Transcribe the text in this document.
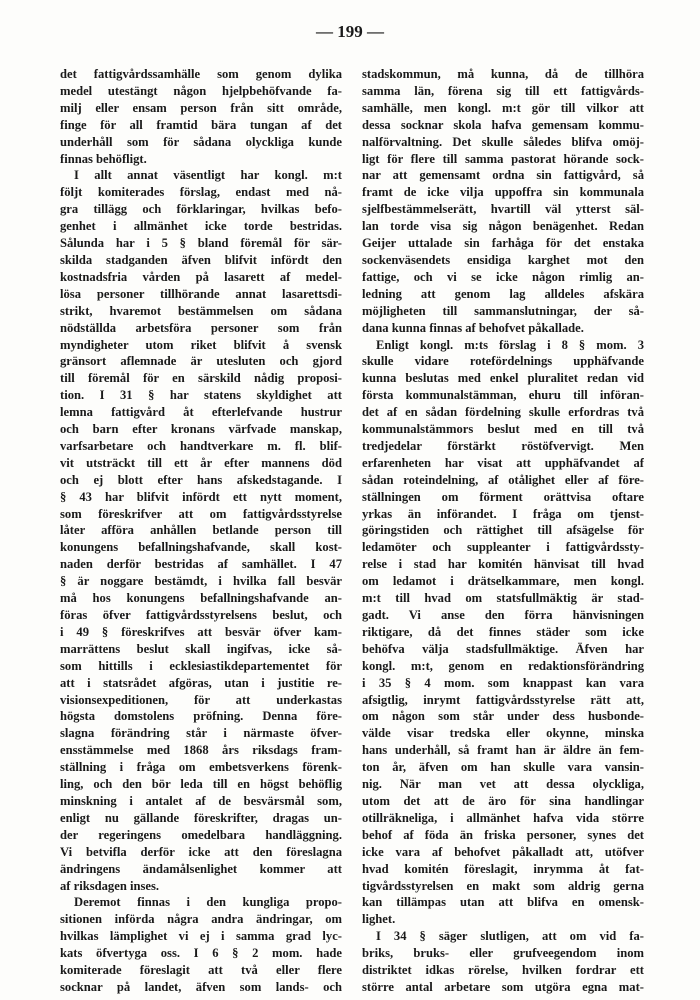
— 199 —
det fattigvårdssamhälle som genom dylika
medel utestängt någon hjelpbehöfvande fa-
milj eller ensam person från sitt område,
finge för all framtid bära tungan af det
underhåll som för sådana olyckliga kunde
finnas behöfligt.
I allt annat väsentligt har kongl. m:t
följt komiterades förslag, endast med nå-
gra tillägg och förklaringar, hvilkas befo-
genhet i allmänhet icke torde bestridas.
Sålunda har i 5 § bland föremål för sär-
skilda stadganden äfven blifvit infördt den
kostnadsfria vården på lasarett af medel-
lösa personer tillhörande annat lasarettsdi-
strikt, hvaremot bestämmelsen om sådana
nödställda arbetsföra personer som från
myndigheter utom riket blifvit å svensk
gränsort aflemnade är utesluten och gjord
till föremål för en särskild nådig proposi-
tion. I 31 § har statens skyldighet att
lemna fattigvård åt efterlefvande hustrur
och barn efter kronans värfvade manskap,
varfsarbetare och handtverkare m. fl. blif-
vit utsträckt till ett år efter mannens död
och ej blott efter hans afskedstagande. I
§ 43 har blifvit infördt ett nytt moment,
som föreskrifver att om fattigvårdsstyrelse
låter afföra anhållen betlande person till
konungens befallningshafvande, skall kost-
naden derför bestridas af samhället. I 47
§ är noggare bestämdt, i hvilka fall besvär
må hos konungens befallningshafvande an-
föras öfver fattigvårdsstyrelsens beslut, och
i 49 § föreskrifves att besvär öfver kam-
marrättens beslut skall ingifvas, icke så-
som hittills i ecklesiastikdepartementet för
att i statsrådet afgöras, utan i justitie re-
visionsexpeditionen, för att underkastas
högsta domstolens pröfning. Denna före-
slagna förändring står i närmaste öfver-
ensstämmelse med 1868 års riksdags fram-
ställning i fråga om embetsverkens förenk-
ling, och den bör leda till en högst behöflig
minskning i antalet af de besvärsmål som,
enligt nu gällande föreskrifter, dragas un-
der regeringens omedelbara handläggning.
Vi betvifla derför icke att den föreslagna
ändringens ändamålsenlighet kommer att
af riksdagen inses.
Deremot finnas i den kungliga propo-
sitionen införda några andra ändringar, om
hvilkas lämplighet vi ej i samma grad lyc-
kats öfvertyga oss. I 6 § 2 mom. hade
komiterade föreslagit att två eller flere
socknar på landet, äfven som lands- och
stadskommun, må kunna, då de tillhöra
samma län, förena sig till ett fattigvårds-
samhälle, men kongl. m:t gör till vilkor att
dessa socknar skola hafva gemensam kommu-
nalförvaltning. Det skulle således blifva omöj-
ligt för flere till samma pastorat hörande sock-
nar att gemensamt ordna sin fattigvård, så
framt de icke vilja uppoffra sin kommunala
sjelfbestämmelserätt, hvartill väl ytterst säl-
lan torde visa sig någon benägenhet. Redan
Geijer uttalade sin farhåga för det enstaka
sockenväsendets ensidiga karghet mot den
fattige, och vi se icke någon rimlig an-
ledning att genom lag alldeles afskära
möjligheten till sammanslutningar, der så-
dana kunna finnas af behofvet påkallade.
Enligt kongl. m:ts förslag i 8 § mom. 3
skulle vidare rotefördelnings upphäfvande
kunna beslutas med enkel pluralitet redan vid
första kommunalstämman, ehuru till införan-
det af en sådan fördelning skulle erfordras två
kommunalstämmors beslut med en till två
tredjedelar förstärkt röstöfvervigt. Men
erfarenheten har visat att upphäfvandet af
sådan roteindelning, af otålighet eller af före-
ställningen om förment orättvisa oftare
yrkas än införandet. I fråga om tjenst-
göringstiden och rättighet till afsägelse för
ledamöter och suppleanter i fattigvårdssty-
relse i stad har komitén hänvisat till hvad
om ledamot i drätselkammare, men kongl.
m:t till hvad om statsfullmäktig är stad-
gadt. Vi anse den förra hänvisningen
riktigare, då det finnes städer som icke
behöfva välja stadsfullmäktige. Äfven har
kongl. m:t, genom en redaktionsförändring
i 35 § 4 mom. som knappast kan vara
afsigtlig, inrymt fattigvårdsstyrelse rätt att,
om någon som står under dess husbonde-
välde visar tredska eller okynne, minska
hans underhåll, så framt han är äldre än fem-
ton år, äfven om han skulle vara vansin-
nig. När man vet att dessa olyckliga,
utom det att de äro för sina handlingar
otillräkneliga, i allmänhet hafva vida större
behof af föda än friska personer, synes det
icke vara af behofvet påkalladt att, utöfver
hvad komitén föreslagit, inrymma åt fat-
tigvårdsstyrelsen en makt som aldrig gerna
kan tillämpas utan att blifva en omensk-
lighet.
I 34 § säger slutligen, att om vid fa-
briks, bruks- eller grufveegendom inom
distriktet idkas rörelse, hvilken fordrar ett
större antal arbetare som utgöra egna mat-
